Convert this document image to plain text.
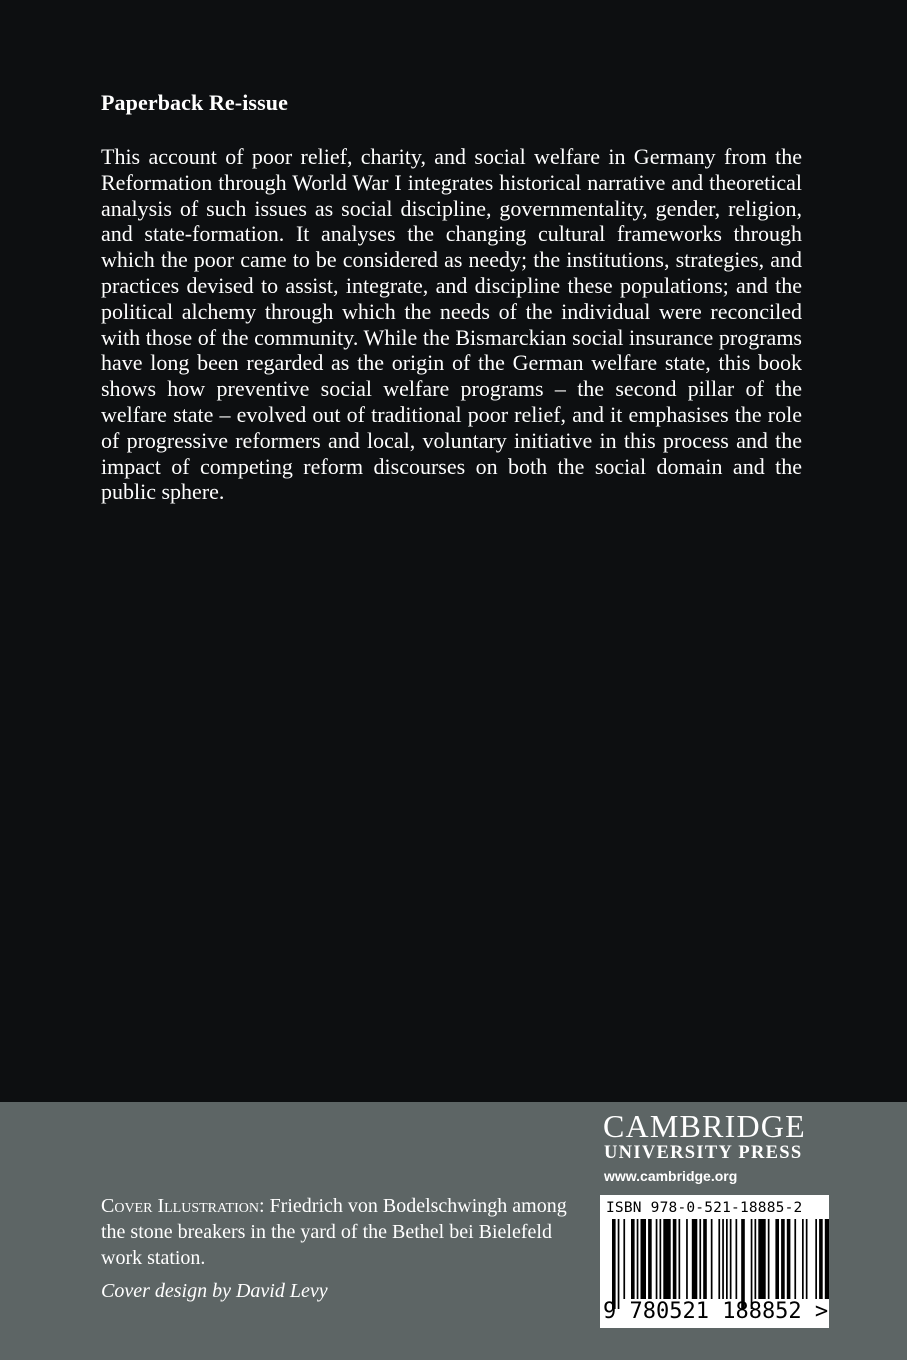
Paperback Re-issue
This account of poor relief, charity, and social welfare in Germany from the Reformation through World War I integrates historical narrative and theoretical analysis of such issues as social discipline, governmentality, gender, religion, and state-formation. It analyses the changing cultural frameworks through which the poor came to be considered as needy; the institutions, strategies, and practices devised to assist, integrate, and discipline these populations; and the political alchemy through which the needs of the individual were reconciled with those of the community. While the Bismarckian social insurance programs have long been regarded as the origin of the German welfare state, this book shows how preventive social welfare programs – the second pillar of the welfare state – evolved out of traditional poor relief, and it emphasises the role of progressive reformers and local, voluntary initiative in this process and the impact of competing reform discourses on both the social domain and the public sphere.
CAMBRIDGE
UNIVERSITY PRESS
www.cambridge.org
Cover Illustration: Friedrich von Bodelschwingh among the stone breakers in the yard of the Bethel bei Bielefeld work station.
Cover design by David Levy
ISBN 978-0-521-18885-2
9 780521 188852 >
